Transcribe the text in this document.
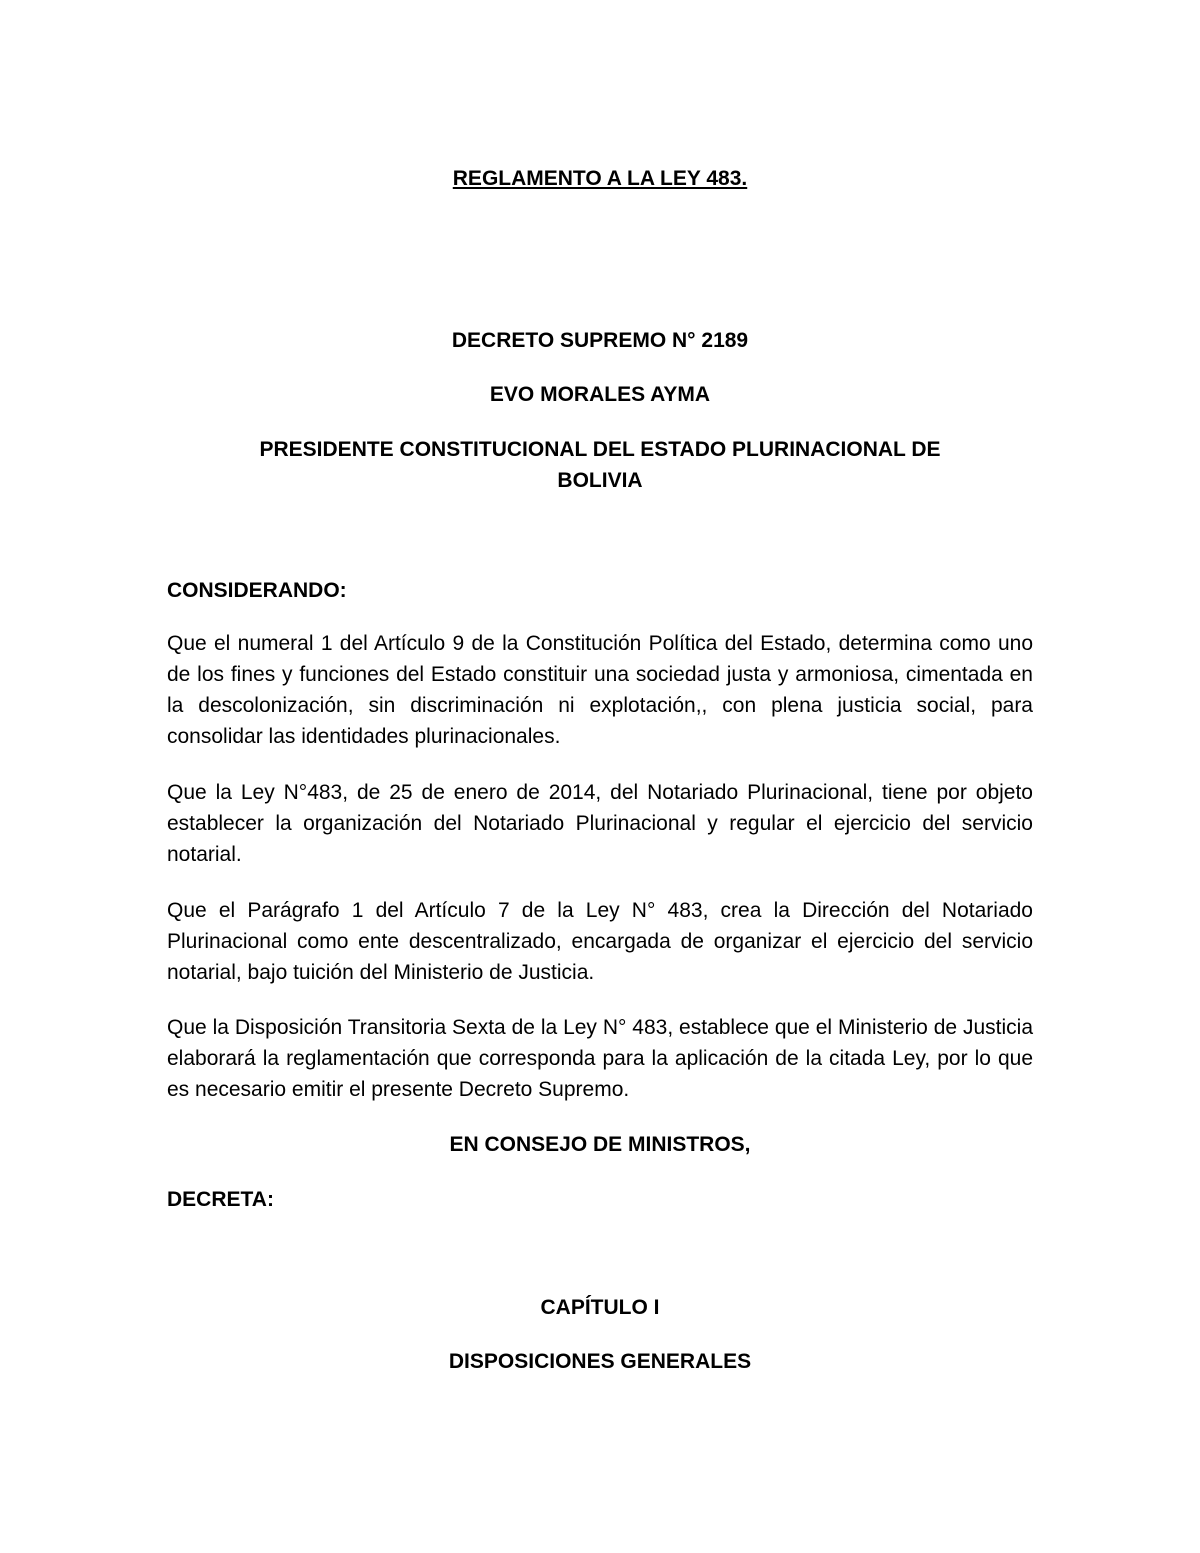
REGLAMENTO A LA LEY 483.
DECRETO SUPREMO N° 2189
EVO MORALES AYMA
PRESIDENTE CONSTITUCIONAL DEL ESTADO PLURINACIONAL DE
BOLIVIA
CONSIDERANDO:
Que el numeral 1 del Artículo 9 de la Constitución Política del Estado, determina como uno de los fines y funciones del Estado constituir una sociedad justa y armoniosa, cimentada en la descolonización, sin discriminación ni explotación,, con plena justicia social, para consolidar las identidades plurinacionales.
Que la Ley N°483, de 25 de enero de 2014, del Notariado Plurinacional, tiene por objeto establecer la organización del Notariado Plurinacional y regular el ejercicio del servicio notarial.
Que el Parágrafo 1 del Artículo 7 de la Ley N° 483, crea la Dirección del Notariado Plurinacional como ente descentralizado, encargada de organizar el ejercicio del servicio notarial, bajo tuición del Ministerio de Justicia.
Que la Disposición Transitoria Sexta de la Ley N° 483, establece que el Ministerio de Justicia elaborará la reglamentación que corresponda para la aplicación de la citada Ley, por lo que es necesario emitir el presente Decreto Supremo.
EN CONSEJO DE MINISTROS,
DECRETA:
CAPÍTULO I
DISPOSICIONES GENERALES
